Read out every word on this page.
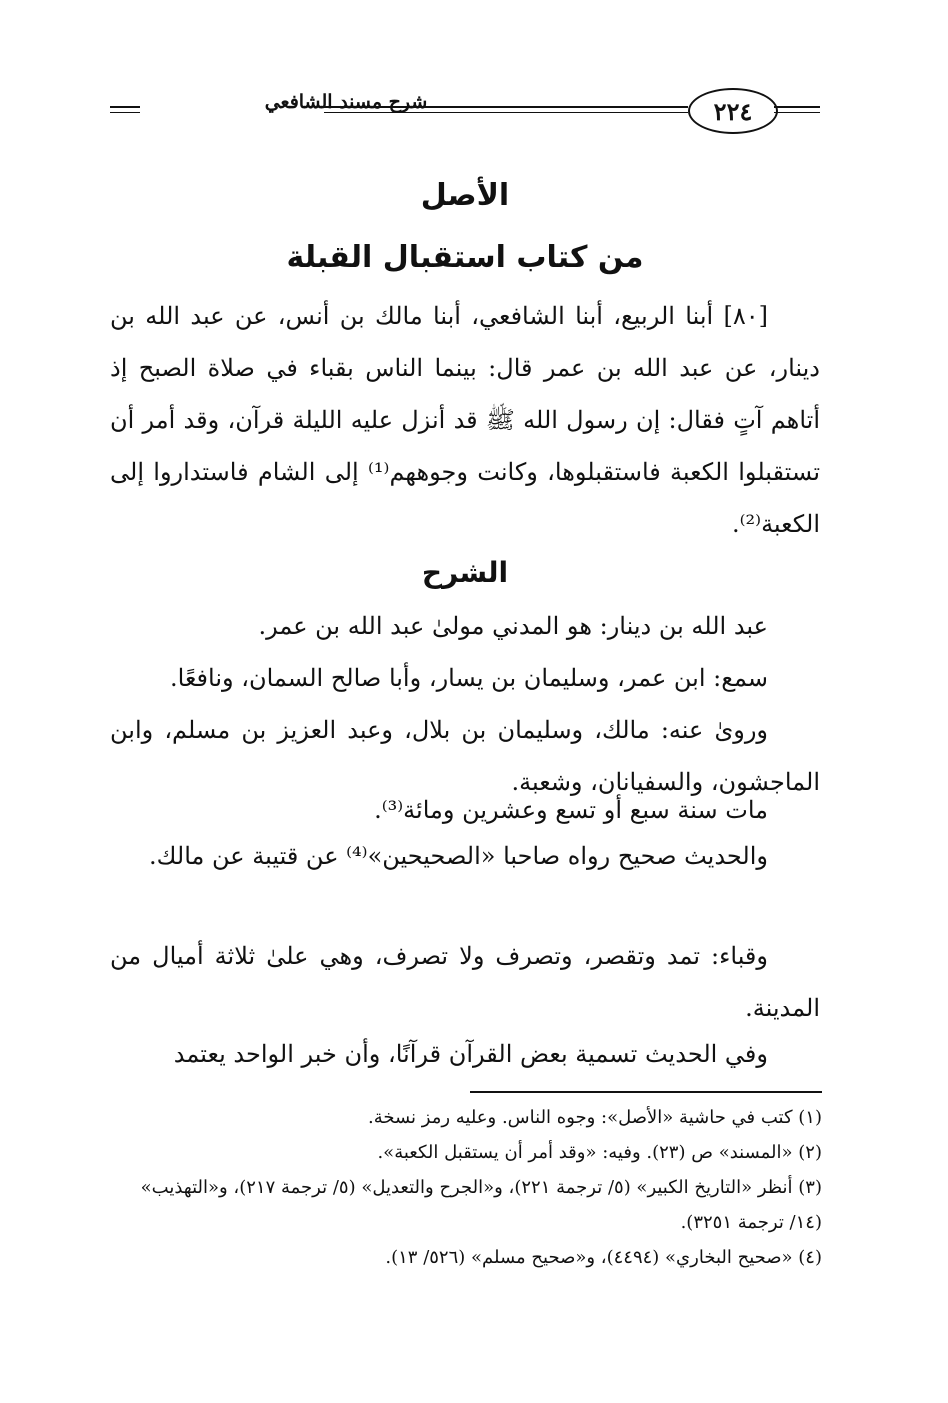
شرح مسند الشافعي	٢٢٤
الأصل
من كتاب استقبال القبلة

[٨٠] أبنا الربيع، أبنا الشافعي، أبنا مالك بن أنس، عن عبد الله بن دينار، عن عبد الله بن عمر قال: بينما الناس بقباء في صلاة الصبح إذ أتاهم آتٍ فقال: إن رسول الله ﷺ قد أنزل عليه الليلة قرآن، وقد أمر أن تستقبلوا الكعبة فاستقبلوها، وكانت وجوههم⁽¹⁾ إلى الشام فاستداروا إلى الكعبة⁽²⁾.

الشرح

عبد الله بن دينار: هو المدني مولىٰ عبد الله بن عمر.

سمع: ابن عمر، وسليمان بن يسار، وأبا صالح السمان، ونافعًا.

وروىٰ عنه: مالك، وسليمان بن بلال، وعبد العزيز بن مسلم، وابن الماجشون، والسفيانان، وشعبة.

مات سنة سبع أو تسع وعشرين ومائة⁽³⁾.

والحديث صحيح رواه صاحبا «الصحيحين»⁽⁴⁾ عن قتيبة عن مالك.

وقباء: تمد وتقصر، وتصرف ولا تصرف، وهي علىٰ ثلاثة أميال من المدينة.

وفي الحديث تسمية بعض القرآن قرآنًا، وأن خبر الواحد يعتمد

(١) كتب في حاشية «الأصل»: وجوه الناس. وعليه رمز نسخة.

(٢) «المسند» ص (٢٣). وفيه: «وقد أمر أن يستقبل الكعبة».

(٣) أنظر «التاريخ الكبير» (٥/ ترجمة ٢٢١)، و«الجرح والتعديل» (٥/ ترجمة ٢١٧)، و«التهذيب» (١٤/ ترجمة ٣٢٥١).

(٤) «صحيح البخاري» (٤٤٩٤)، و«صحيح مسلم» (٥٢٦/ ١٣).
